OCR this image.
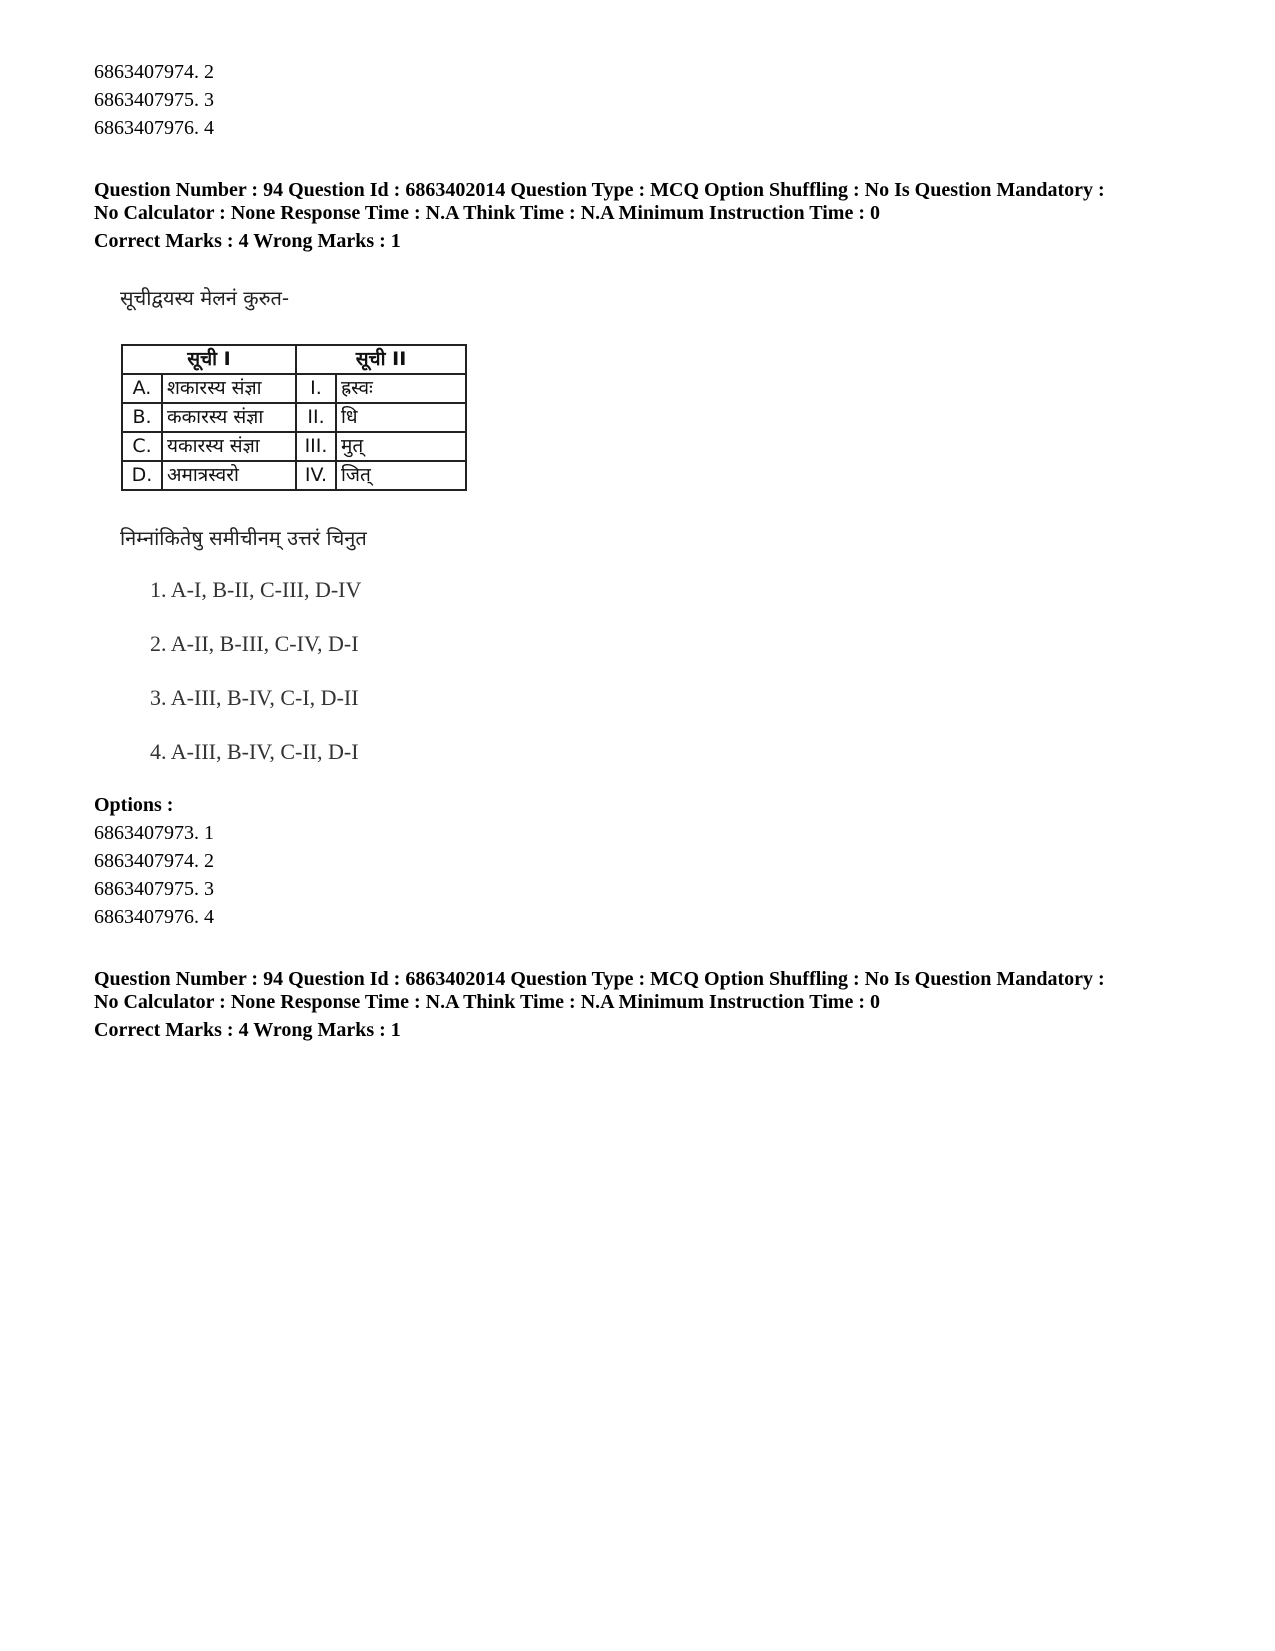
6863407974. 2
6863407975. 3
6863407976. 4
Question Number : 94 Question Id : 6863402014 Question Type : MCQ Option Shuffling : No Is Question Mandatory :
No Calculator : None Response Time : N.A Think Time : N.A Minimum Instruction Time : 0
Correct Marks : 4 Wrong Marks : 1
सूचीद्वयस्य मेलनं कुरुत-
सूची I		सूची II	
A.	शकारस्य संज्ञा	I.	ह्रस्वः
B.	ककारस्य संज्ञा	II.	धि
C.	यकारस्य संज्ञा	III.	मुत्
D.	अमात्रस्वरो	IV.	जित्
निम्नांकितेषु समीचीनम् उत्तरं चिनुत
1. A-I, B-II, C-III, D-IV
2. A-II, B-III, C-IV, D-I
3. A-III, B-IV, C-I, D-II
4. A-III, B-IV, C-II, D-I
Options :
6863407973. 1
6863407974. 2
6863407975. 3
6863407976. 4
Question Number : 94 Question Id : 6863402014 Question Type : MCQ Option Shuffling : No Is Question Mandatory :
No Calculator : None Response Time : N.A Think Time : N.A Minimum Instruction Time : 0
Correct Marks : 4 Wrong Marks : 1
